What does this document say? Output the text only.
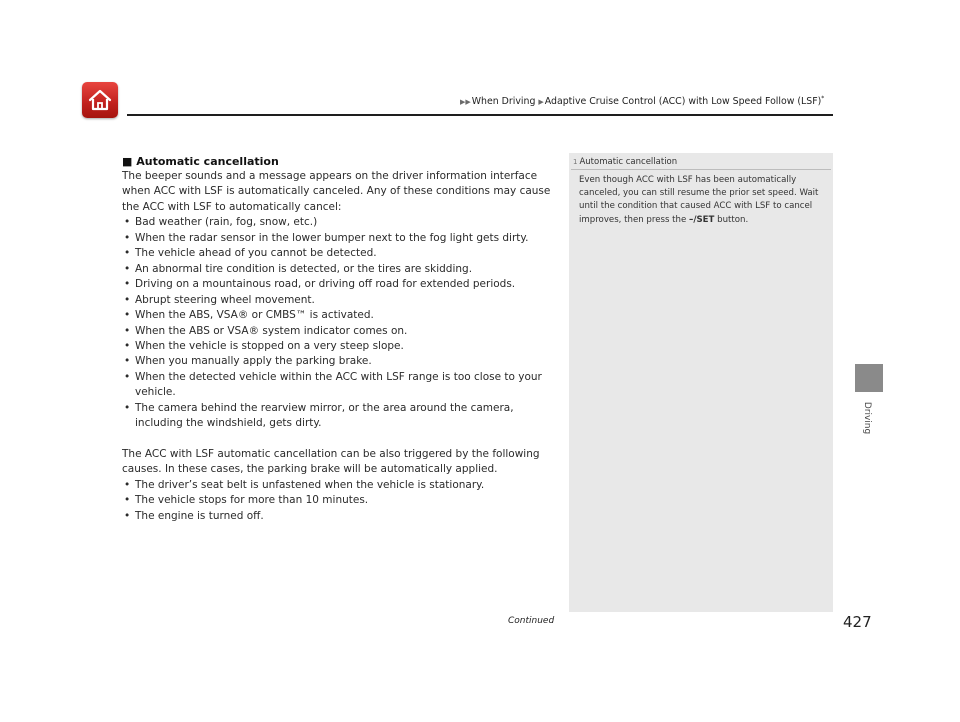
▶▶When Driving ▶Adaptive Cruise Control (ACC) with Low Speed Follow (LSF)*
■ Automatic cancellation

The beeper sounds and a message appears on the driver information interface when ACC with LSF is automatically canceled. Any of these conditions may cause the ACC with LSF to automatically cancel:

• Bad weather (rain, fog, snow, etc.)
• When the radar sensor in the lower bumper next to the fog light gets dirty.
• The vehicle ahead of you cannot be detected.
• An abnormal tire condition is detected, or the tires are skidding.
• Driving on a mountainous road, or driving off road for extended periods.
• Abrupt steering wheel movement.
• When the ABS, VSA® or CMBS™ is activated.
• When the ABS or VSA® system indicator comes on.
• When the vehicle is stopped on a very steep slope.
• When you manually apply the parking brake.
• When the detected vehicle within the ACC with LSF range is too close to your vehicle.
• The camera behind the rearview mirror, or the area around the camera, including the windshield, gets dirty.

The ACC with LSF automatic cancellation can be also triggered by the following causes. In these cases, the parking brake will be automatically applied.

• The driver’s seat belt is unfastened when the vehicle is stationary.
• The vehicle stops for more than 10 minutes.
• The engine is turned off.
1 Automatic cancellation
Even though ACC with LSF has been automatically canceled, you can still resume the prior set speed. Wait until the condition that caused ACC with LSF to cancel improves, then press the –/SET button.
Driving
Continued	427
